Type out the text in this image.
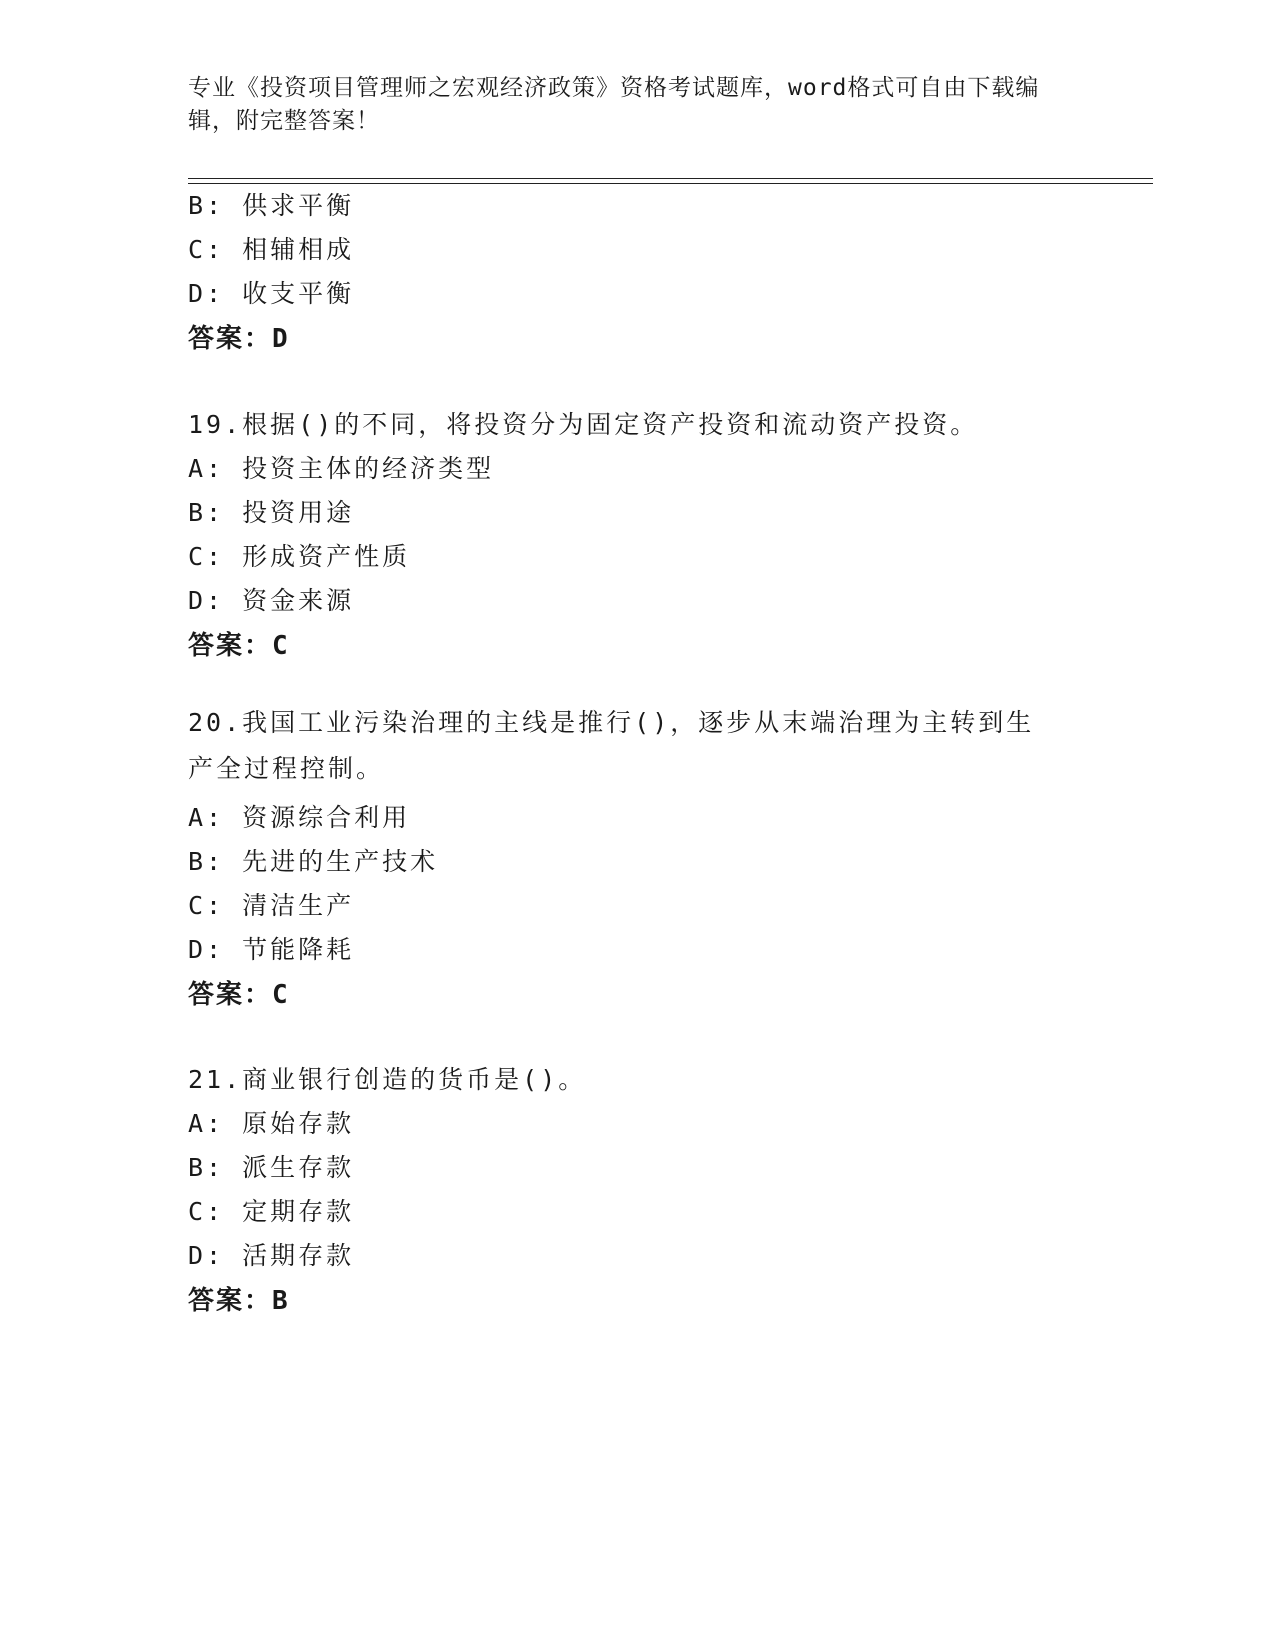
专业《投资项目管理师之宏观经济政策》资格考试题库，word格式可自由下载编辑，附完整答案！
B: 供求平衡
C: 相辅相成
D: 收支平衡
答案：D
19.根据()的不同，将投资分为固定资产投资和流动资产投资。
A: 投资主体的经济类型
B: 投资用途
C: 形成资产性质
D: 资金来源
答案：C
20.我国工业污染治理的主线是推行()，逐步从末端治理为主转到生产全过程控制。
A: 资源综合利用
B: 先进的生产技术
C: 清洁生产
D: 节能降耗
答案：C
21.商业银行创造的货币是()。
A: 原始存款
B: 派生存款
C: 定期存款
D: 活期存款
答案：B
